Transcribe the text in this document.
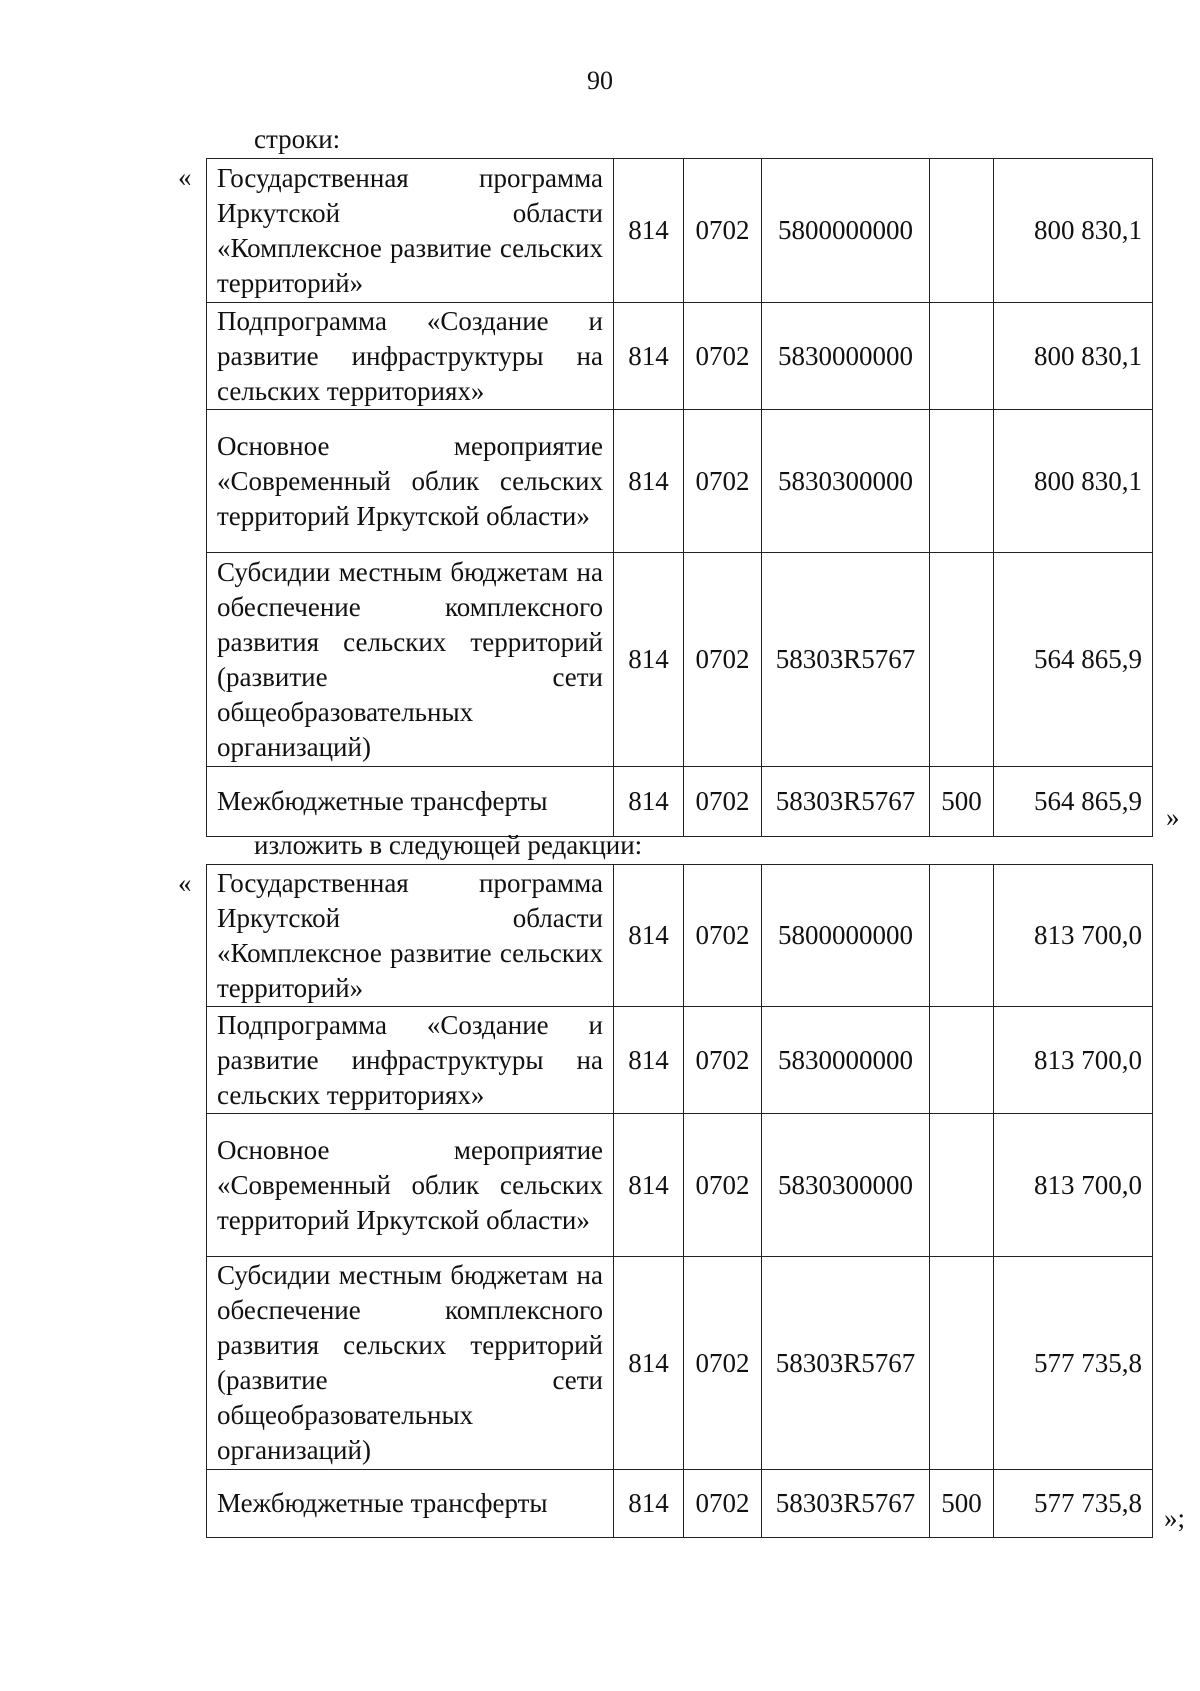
90
строки:
« Государственная программа Иркутской области «Комплексное развитие сельских территорий»	814	0702	5800000000		800 830,1
Подпрограмма «Создание и развитие инфраструктуры на сельских территориях»	814	0702	5830000000		800 830,1
Основное мероприятие «Современный облик сельских территорий Иркутской области»	814	0702	5830300000		800 830,1
Субсидии местным бюджетам на обеспечение комплексного развития сельских территорий (развитие сети общеобразовательных организаций)	814	0702	58303R5767		564 865,9
Межбюджетные трансферты	814	0702	58303R5767	500	564 865,9
»
изложить в следующей редакции:
« Государственная программа Иркутской области «Комплексное развитие сельских территорий»	814	0702	5800000000		813 700,0
Подпрограмма «Создание и развитие инфраструктуры на сельских территориях»	814	0702	5830000000		813 700,0
Основное мероприятие «Современный облик сельских территорий Иркутской области»	814	0702	5830300000		813 700,0
Субсидии местным бюджетам на обеспечение комплексного развития сельских территорий (развитие сети общеобразовательных организаций)	814	0702	58303R5767		577 735,8
Межбюджетные трансферты	814	0702	58303R5767	500	577 735,8 »;
